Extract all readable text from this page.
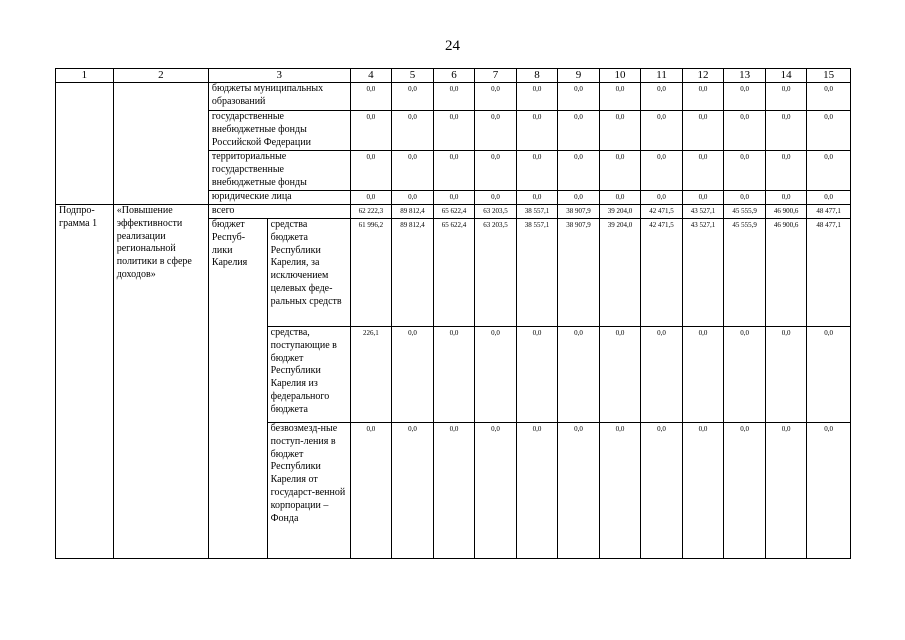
24
1	2	3		4	5	6	7	8	9	10	11	12	13	14	15
		бюджеты муниципальных образований		0,0	0,0	0,0	0,0	0,0	0,0	0,0	0,0	0,0	0,0	0,0	0,0
		государственные внебюджетные фонды Российской Федерации		0,0	0,0	0,0	0,0	0,0	0,0	0,0	0,0	0,0	0,0	0,0	0,0
		территориальные государственные внебюджетные фонды		0,0	0,0	0,0	0,0	0,0	0,0	0,0	0,0	0,0	0,0	0,0	0,0
		юридические лица		0,0	0,0	0,0	0,0	0,0	0,0	0,0	0,0	0,0	0,0	0,0	0,0
Подпро-грамма 1	«Повышение эффективности реализации региональной политики в сфере доходов»	всего		62 222,3	89 812,4	65 622,4	63 203,5	38 557,1	38 907,9	39 204,0	42 471,5	43 527,1	45 555,9	46 900,6	48 477,1
		бюджет Респуб-лики Карелия	средства бюджета Республики Карелия, за исключением целевых феде-ральных средств	61 996,2	89 812,4	65 622,4	63 203,5	38 557,1	38 907,9	39 204,0	42 471,5	43 527,1	45 555,9	46 900,6	48 477,1
			средства, поступающие в бюджет Республики Карелия из федерального бюджета	226,1	0,0	0,0	0,0	0,0	0,0	0,0	0,0	0,0	0,0	0,0	0,0
			безвозмезд-ные поступ-ления в бюджет Республики Карелия от государст-венной корпорации – Фонда	0,0	0,0	0,0	0,0	0,0	0,0	0,0	0,0	0,0	0,0	0,0	0,0
